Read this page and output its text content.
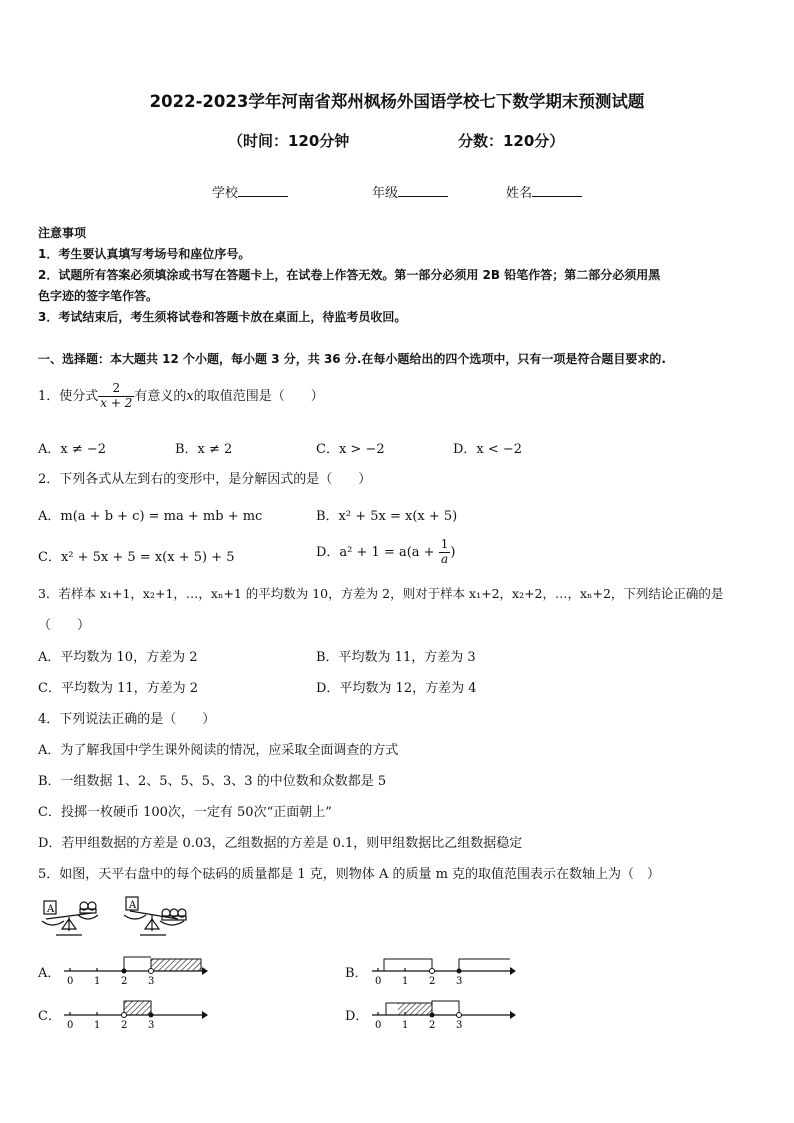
2022-2023学年河南省郑州枫杨外国语学校七下数学期末预测试题
（时间：120分钟	分数：120分）
学校	年级	姓名
注意事项
1．考生要认真填写考场号和座位序号。
2．试题所有答案必须填涂或书写在答题卡上，在试卷上作答无效。第一部分必须用 2B 铅笔作答；第二部分必须用黑
色字迹的签字笔作答。
3．考试结束后，考生须将试卷和答题卡放在桌面上，待监考员收回。
一、选择题：本大题共 12 个小题，每小题 3 分，共 36 分.在每小题给出的四个选项中，只有一项是符合题目要求的.
1．使分式 $\frac{2}{x + 2}$ 有意义的x的取值范围是（　　）
A．x ≠ −2	B．x ≠ 2	C．x > −2	D．x < −2
2．下列各式从左到右的变形中，是分解因式的是（　　）
A．m(a + b + c) = ma + mb + mc	B．x² + 5x = x(x + 5)
C．x² + 5x + 5 = x(x + 5) + 5	D．$a^2 + 1 = a(a + \frac{1}{a}$ )
3．若样本 x₁+1，x₂+1，…，xₙ+1 的平均数为 10，方差为 2，则对于样本 x₁+2，x₂+2，…，xₙ+2，下列结论正确的是
（　　）
A．平均数为 10，方差为 2	B．平均数为 11，方差为 3
C．平均数为 11，方差为 2	D．平均数为 12，方差为 4
4．下列说法正确的是（　　）
A．为了解我国中学生课外阅读的情况，应采取全面调查的方式
B．一组数据 1、2、5、5、5、3、3 的中位数和众数都是 5
C．投掷一枚硬币 100次，一定有 50次“正面朝上”
D．若甲组数据的方差是 0.03，乙组数据的方差是 0.1，则甲组数据比乙组数据稳定
5．如图，天平右盘中的每个砝码的质量都是 1 克，则物体 A 的质量 m 克的取值范围表示在数轴上为（　）
A	A
A．
0 1 2 3
B．
0 1 2 3
C．
0 1 2 3
D．
0 1 2 3
